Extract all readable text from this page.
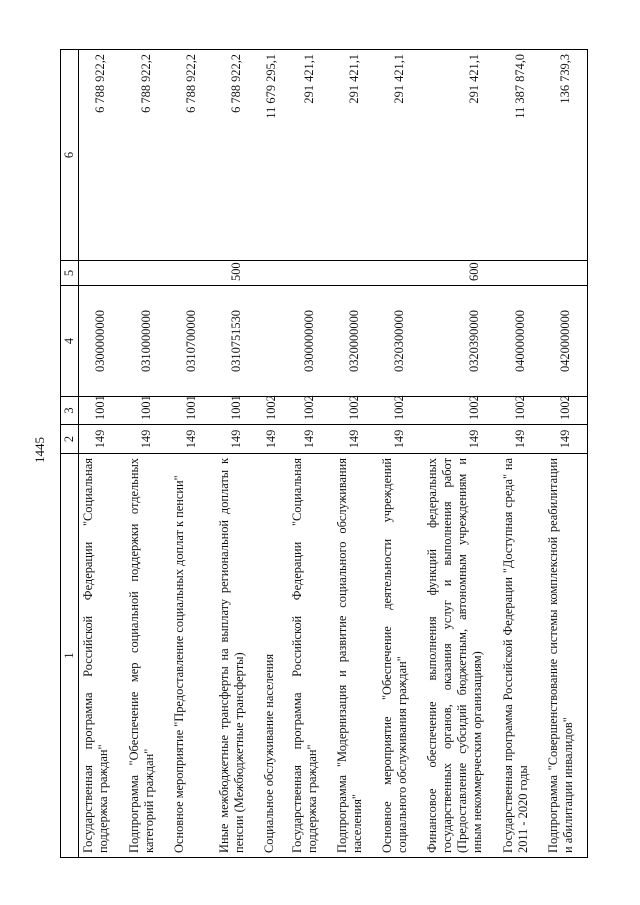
1445
1	2	3	4	5	6
Государственная программа Российской Федерации "Социальная поддержка граждан"	149	1001	0300000000		6 788 922,2
Подпрограмма "Обеспечение мер социальной поддержки отдельных категорий граждан"	149	1001	0310000000		6 788 922,2
Основное мероприятие "Предоставление социальных доплат к пенсии"	149	1001	0310700000		6 788 922,2
Иные межбюджетные трансферты на выплату региональной доплаты к пенсии (Межбюджетные трансферты)	149	1001	0310751530	500	6 788 922,2
Социальное обслуживание населения	149	1002			11 679 295,1
Государственная программа Российской Федерации "Социальная поддержка граждан"	149	1002	0300000000		291 421,1
Подпрограмма "Модернизация и развитие социального обслуживания населения"	149	1002	0320000000		291 421,1
Основное мероприятие "Обеспечение деятельности учреждений социального обслуживания граждан"	149	1002	0320300000		291 421,1
Финансовое обеспечение выполнения функций федеральных государственных органов, оказания услуг и выполнения работ (Предоставление субсидий бюджетным, автономным учреждениям и иным некоммерческим организациям)	149	1002	0320390000	600	291 421,1
Государственная программа Российской Федерации "Доступная среда" на 2011 - 2020 годы	149	1002	0400000000		11 387 874,0
Подпрограмма "Совершенствование системы комплексной реабилитации и абилитации инвалидов"	149	1002	0420000000		136 739,3
